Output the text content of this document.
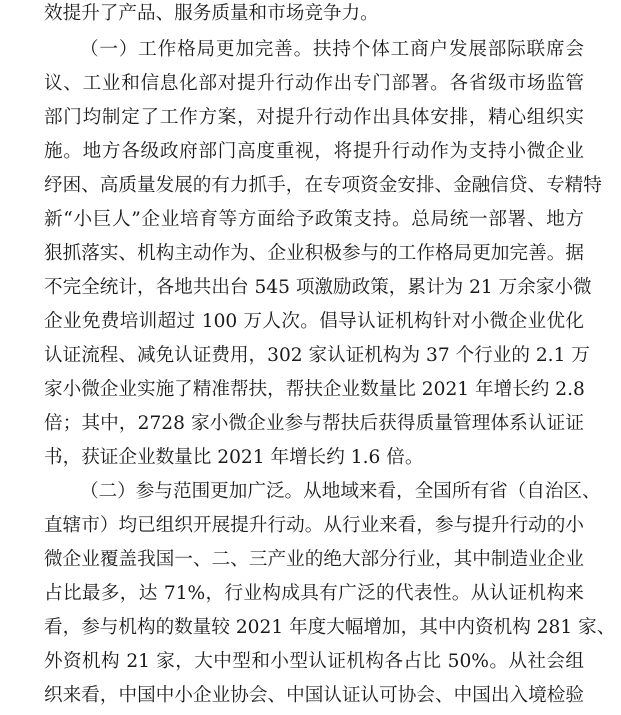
效提升了产品、服务质量和市场竞争力。
（一）工作格局更加完善。扶持个体工商户发展部际联席会
议、工业和信息化部对提升行动作出专门部署。各省级市场监管
部门均制定了工作方案，对提升行动作出具体安排，精心组织实
施。地方各级政府部门高度重视，将提升行动作为支持小微企业
纾困、高质量发展的有力抓手，在专项资金安排、金融信贷、专精特
新“小巨人”企业培育等方面给予政策支持。总局统一部署、地方
狠抓落实、机构主动作为、企业积极参与的工作格局更加完善。据
不完全统计，各地共出台 545 项激励政策，累计为 21 万余家小微
企业免费培训超过 100 万人次。倡导认证机构针对小微企业优化
认证流程、减免认证费用，302 家认证机构为 37 个行业的 2.1 万
家小微企业实施了精准帮扶，帮扶企业数量比 2021 年增长约 2.8
倍；其中，2728 家小微企业参与帮扶后获得质量管理体系认证证
书，获证企业数量比 2021 年增长约 1.6 倍。
（二）参与范围更加广泛。从地域来看，全国所有省（自治区、
直辖市）均已组织开展提升行动。从行业来看，参与提升行动的小
微企业覆盖我国一、二、三产业的绝大部分行业，其中制造业企业
占比最多，达 71%，行业构成具有广泛的代表性。从认证机构来
看，参与机构的数量较 2021 年度大幅增加，其中内资机构 281 家、
外资机构 21 家，大中型和小型认证机构各占比 50%。从社会组
织来看，中国中小企业协会、中国认证认可协会、中国出入境检验
